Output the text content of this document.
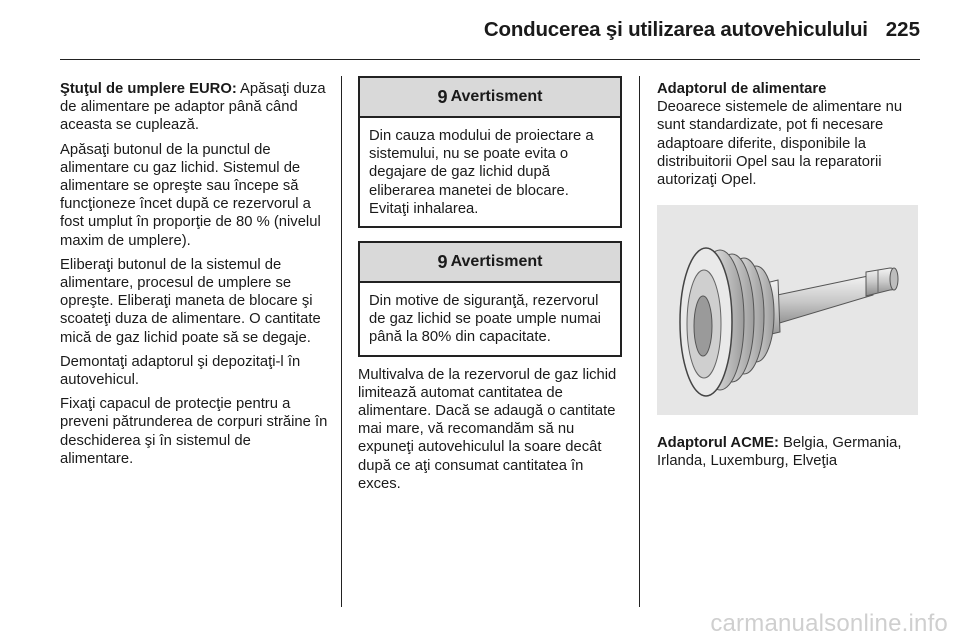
Conducerea şi utilizarea autovehiculului 225

Ştuţul de umplere EURO: Apăsaţi duza de alimentare pe adaptor până când aceasta se cuplează.

Apăsaţi butonul de la punctul de alimentare cu gaz lichid. Sistemul de alimentare se opreşte sau începe să funcţioneze încet după ce rezervorul a fost umplut în proporţie de 80 % (nivelul maxim de umplere).

Eliberaţi butonul de la sistemul de alimentare, procesul de umplere se opreşte. Eliberaţi maneta de blocare şi scoateţi duza de alimentare. O cantitate mică de gaz lichid poate să se degaje.

Demontaţi adaptorul şi depozitaţi-l în autovehicul.

Fixaţi capacul de protecţie pentru a preveni pătrunderea de corpuri străine în deschiderea şi în sistemul de alimentare.

9 Avertisment
Din cauza modului de proiectare a sistemului, nu se poate evita o degajare de gaz lichid după eliberarea manetei de blocare. Evitaţi inhalarea.
9 Avertisment
Din motive de siguranţă, rezervorul de gaz lichid se poate umple numai până la 80% din capacitate.

Multivalva de la rezervorul de gaz lichid limitează automat cantitatea de alimentare. Dacă se adaugă o cantitate mai mare, vă recomandăm să nu expuneţi autovehiculul la soare decât după ce aţi consumat cantitatea în exces.

Adaptorul de alimentare

Deoarece sistemele de alimentare nu sunt standardizate, pot fi necesare adaptoare diferite, disponibile la distribuitorii Opel sau la reparatorii autorizaţi Opel.

Adaptorul ACME: Belgia, Germania, Irlanda, Luxemburg, Elveţia

carmanualsonline.info
